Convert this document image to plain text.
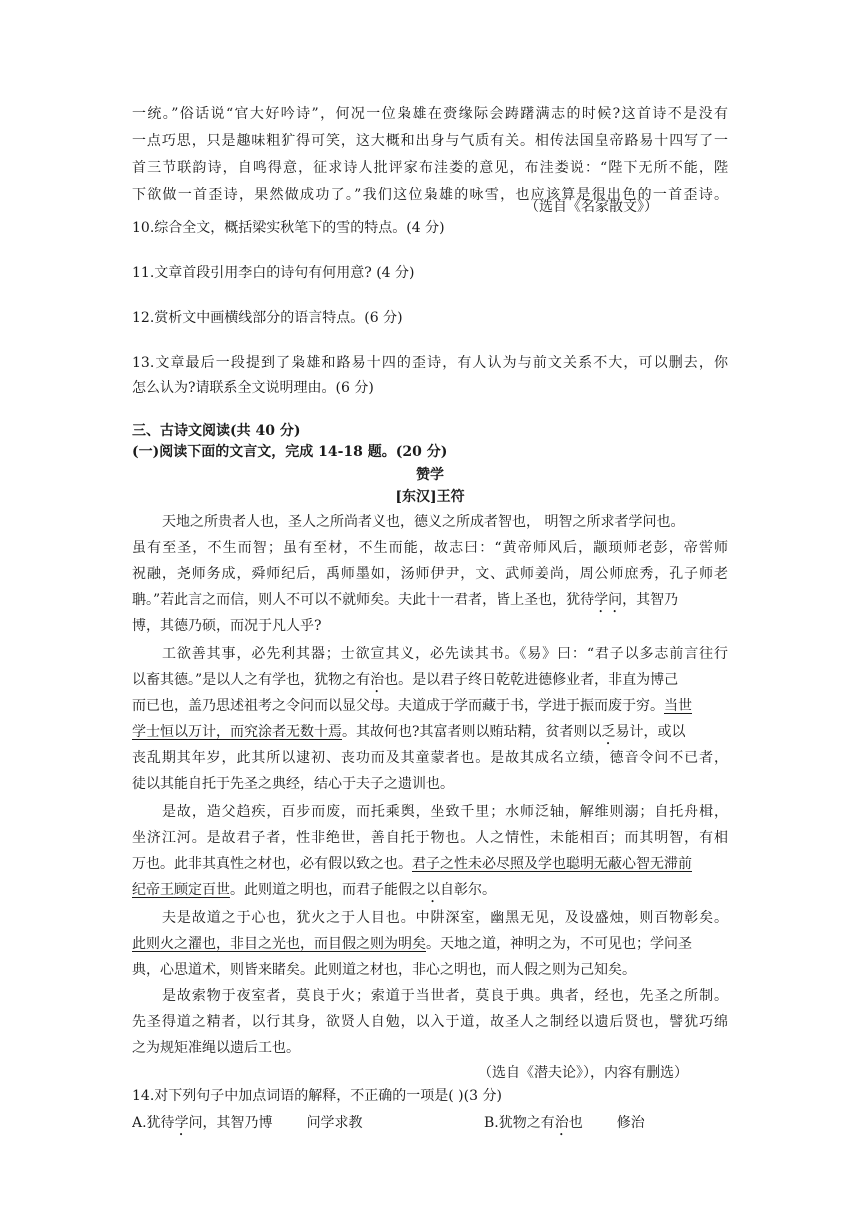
一统。”俗话说“官大好吟诗”，何况一位枭雄在赍缘际会踌躇满志的时候?这首诗不是没有
一点巧思，只是趣味粗犷得可笑，这大概和出身与气质有关。相传法国皇帝路易十四写了一
首三节联韵诗，自鸣得意，征求诗人批评家布洼娄的意见，布洼娄说：“陛下无所不能，陛
下欲做一首歪诗，果然做成功了。”我们这位枭雄的咏雪，也应该算是很出色的一首歪诗。
（选自《名家散文》）
10.综合全文，概括梁实秋笔下的雪的特点。(4 分)
11.文章首段引用李白的诗句有何用意? (4 分)
12.赏析文中画横线部分的语言特点。(6 分)
13.文章最后一段提到了枭雄和路易十四的歪诗，有人认为与前文关系不大，可以删去，你
怎么认为?请联系全文说明理由。(6 分)
三、古诗文阅读(共 40 分)
(一)阅读下面的文言文，完成 14-18 题。(20 分)
赞学
[东汉]王符
天地之所贵者人也，圣人之所尚者义也，德义之所成者智也， 明智之所求者学问也。
虽有至圣，不生而智；虽有至材，不生而能，故志曰：“黄帝师风后，颛顼师老彭，帝喾师
祝融，尧师务成，舜师纪后，禹师墨如，汤师伊尹，文、武师姜尚，周公师庶秀，孔子师老
聃。”若此言之而信，则人不可以不就师矣。夫此十一君者，皆上圣也，犹待学问，其智乃
博，其德乃硕，而况于凡人乎?
工欲善其事，必先利其器；士欲宣其义，必先读其书。《易》曰：“君子以多志前言往行
以畜其德。”是以人之有学也，犹物之有治也。是以君子终日乾乾进德修业者，非直为博己
而已也，盖乃思述祖考之令问而以显父母。夫道成于学而藏于书，学进于振而废于穷。当世
学士恒以万计，而究涂者无数十焉。其故何也?其富者则以贿玷精，贫者则以乏易计，或以
丧乱期其年岁，此其所以逮初、丧功而及其童蒙者也。是故其成名立绩，德音令问不已者，
徒以其能自托于先圣之典经，结心于夫子之遗训也。
是故，造父趋疾，百步而废，而托乘舆，坐致千里；水师泛轴，解维则溺；自托舟楫，
坐济江河。是故君子者，性非绝世，善自托于物也。人之情性，未能相百；而其明智，有相
万也。此非其真性之材也，必有假以致之也。君子之性未必尽照及学也聪明无蔽心智无滞前
纪帝王顾定百世。此则道之明也，而君子能假之以自彰尔。
夫是故道之于心也，犹火之于人目也。中阱深室，幽黑无见，及设盛烛，则百物彰矣。
此则火之濯也，非目之光也，而目假之则为明矣。天地之道，神明之为，不可见也；学问圣
典，心思道术，则皆来睹矣。此则道之材也，非心之明也，而人假之则为己知矣。
是故索物于夜室者，莫良于火；索道于当世者，莫良于典。典者，经也，先圣之所制。
先圣得道之精者，以行其身，欲贤人自勉，以入于道，故圣人之制经以遗后贤也，譬犹巧绵
之为规矩准绳以遗后工也。
（选自《潜夫论》），内容有删选）
14.对下列句子中加点词语的解释，不正确的一项是( )(3 分)
A.犹待学问，其智乃博 问学求教	B.犹物之有治也 修治
